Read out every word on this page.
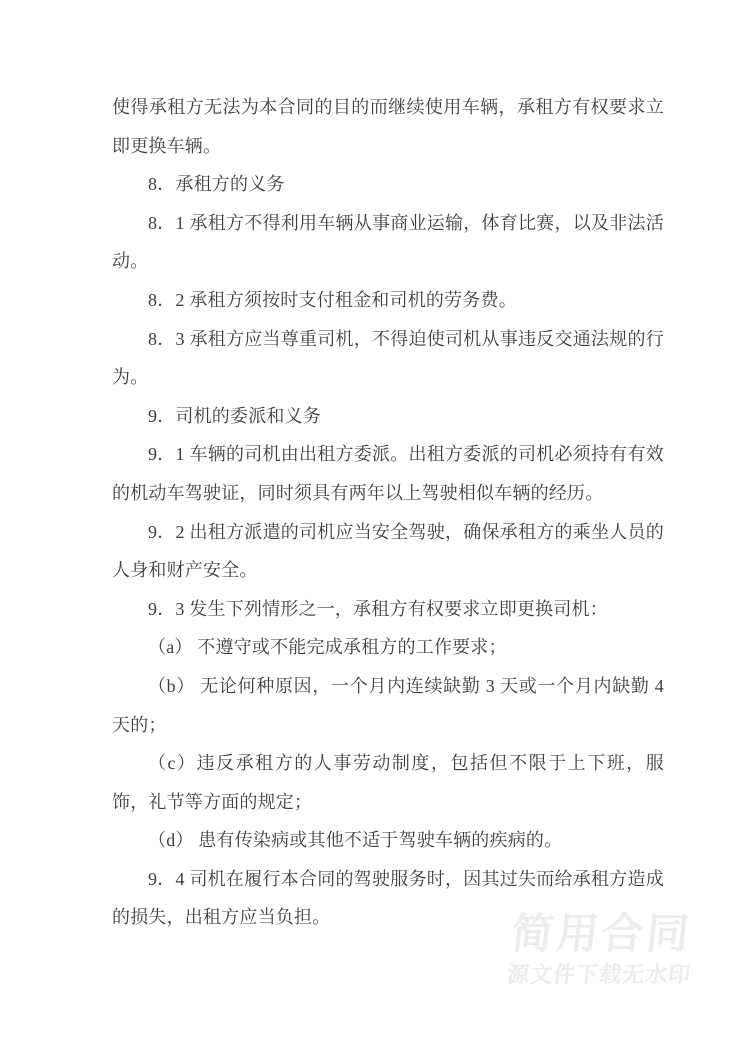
使得承租方无法为本合同的目的而继续使用车辆，承租方有权要求立即更换车辆。

8．承租方的义务

8．1 承租方不得利用车辆从事商业运输，体育比赛，以及非法活动。

8．2 承租方须按时支付租金和司机的劳务费。

8．3 承租方应当尊重司机，不得迫使司机从事违反交通法规的行为。

9．司机的委派和义务

9．1 车辆的司机由出租方委派。出租方委派的司机必须持有有效的机动车驾驶证，同时须具有两年以上驾驶相似车辆的经历。

9．2 出租方派遣的司机应当安全驾驶，确保承租方的乘坐人员的人身和财产安全。

9．3 发生下列情形之一，承租方有权要求立即更换司机：

（a） 不遵守或不能完成承租方的工作要求；

（b） 无论何种原因，一个月内连续缺勤 3 天或一个月内缺勤 4 天的；

（c）违反承租方的人事劳动制度，包括但不限于上下班，服饰，礼节等方面的规定；

（d） 患有传染病或其他不适于驾驶车辆的疾病的。

9．4 司机在履行本合同的驾驶服务时，因其过失而给承租方造成的损失，出租方应当负担。	简用合同
源文件下载无水印
